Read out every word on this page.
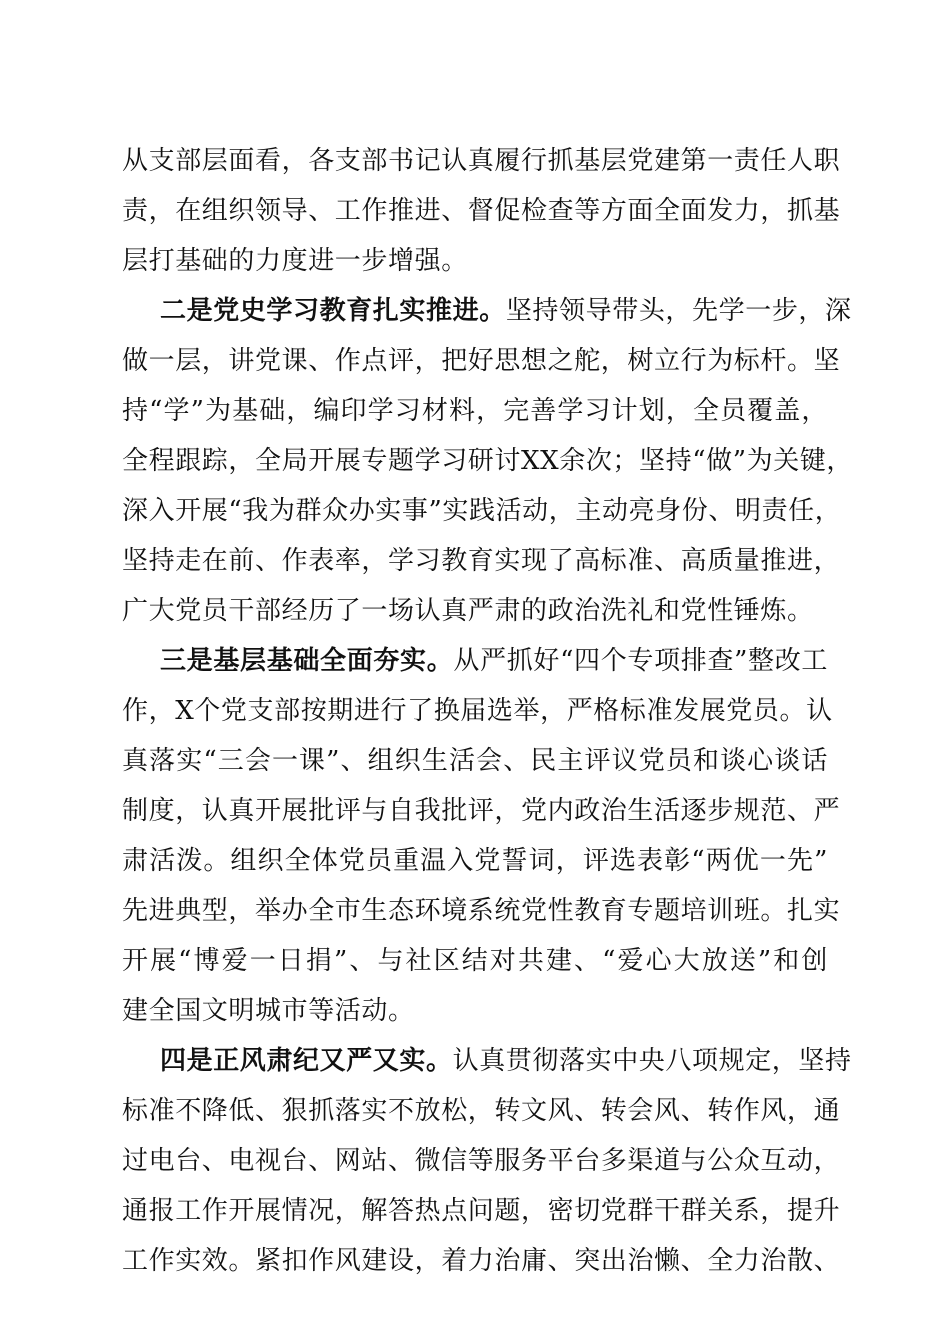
从支部层面看，各支部书记认真履行抓基层党建第一责任人职
责，在组织领导、工作推进、督促检查等方面全面发力，抓基
层打基础的力度进一步增强。
二是党史学习教育扎实推进。坚持领导带头，先学一步，深
做一层，讲党课、作点评，把好思想之舵，树立行为标杆。坚
持“学”为基础，编印学习材料，完善学习计划，全员覆盖，
全程跟踪，全局开展专题学习研讨XX余次；坚持“做”为关键，
深入开展“我为群众办实事”实践活动，主动亮身份、明责任，
坚持走在前、作表率，学习教育实现了高标准、高质量推进，
广大党员干部经历了一场认真严肃的政治洗礼和党性锤炼。
三是基层基础全面夯实。从严抓好“四个专项排查”整改工
作，X个党支部按期进行了换届选举，严格标准发展党员。认
真落实“三会一课”、组织生活会、民主评议党员和谈心谈话
制度，认真开展批评与自我批评，党内政治生活逐步规范、严
肃活泼。组织全体党员重温入党誓词，评选表彰“两优一先”
先进典型，举办全市生态环境系统党性教育专题培训班。扎实
开展“博爱一日捐”、与社区结对共建、“爱心大放送”和创
建全国文明城市等活动。
四是正风肃纪又严又实。认真贯彻落实中央八项规定，坚持
标准不降低、狠抓落实不放松，转文风、转会风、转作风，通
过电台、电视台、网站、微信等服务平台多渠道与公众互动，
通报工作开展情况，解答热点问题，密切党群干群关系，提升
工作实效。紧扣作风建设，着力治庸、突出治懒、全力治散、
